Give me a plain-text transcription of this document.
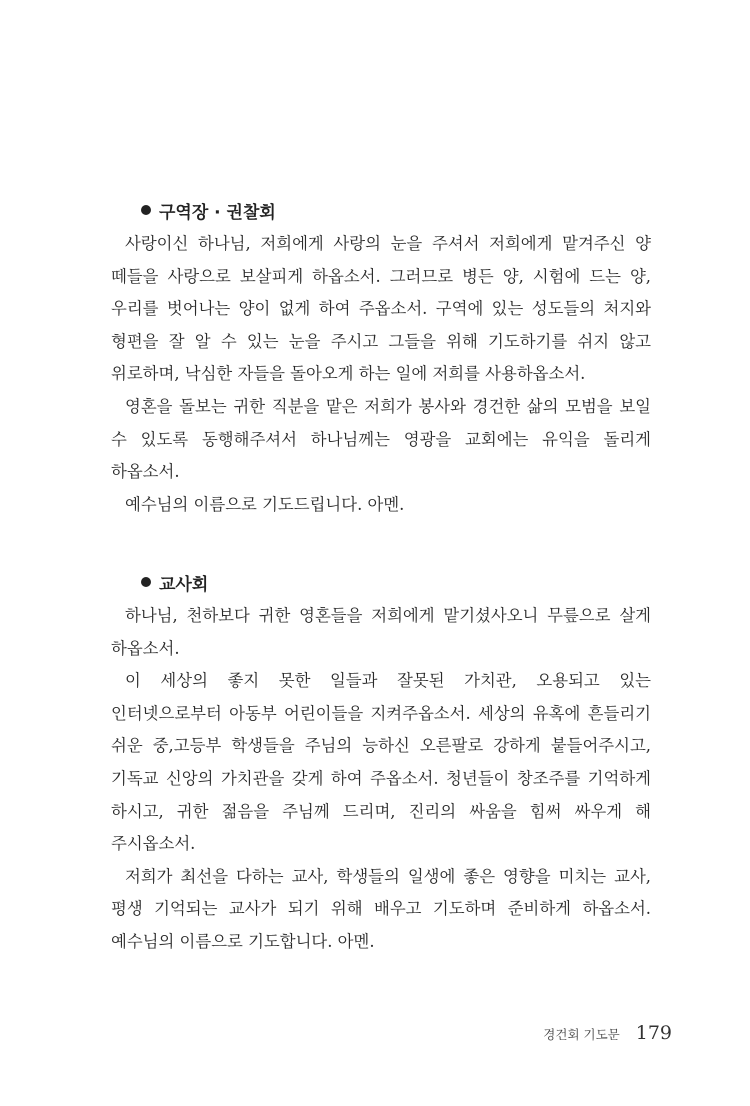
구역장 · 권찰회

사랑이신 하나님, 저희에게 사랑의 눈을 주셔서 저희에게 맡겨주신 양 떼들을 사랑으로 보살피게 하옵소서. 그러므로 병든 양, 시험에 드는 양, 우리를 벗어나는 양이 없게 하여 주옵소서. 구역에 있는 성도들의 처지와 형편을 잘 알 수 있는 눈을 주시고 그들을 위해 기도하기를 쉬지 않고 위로하며, 낙심한 자들을 돌아오게 하는 일에 저희를 사용하옵소서.

영혼을 돌보는 귀한 직분을 맡은 저희가 봉사와 경건한 삶의 모범을 보일 수 있도록 동행해주셔서 하나님께는 영광을 교회에는 유익을 돌리게 하옵소서.

예수님의 이름으로 기도드립니다. 아멘.

교사회

하나님, 천하보다 귀한 영혼들을 저희에게 맡기셨사오니 무릎으로 살게 하옵소서.

이 세상의 좋지 못한 일들과 잘못된 가치관, 오용되고 있는 인터넷으로부터 아동부 어린이들을 지켜주옵소서. 세상의 유혹에 흔들리기 쉬운 중,고등부 학생들을 주님의 능하신 오른팔로 강하게 붙들어주시고, 기독교 신앙의 가치관을 갖게 하여 주옵소서. 청년들이 창조주를 기억하게 하시고, 귀한 젊음을 주님께 드리며, 진리의 싸움을 힘써 싸우게 해 주시옵소서.

저희가 최선을 다하는 교사, 학생들의 일생에 좋은 영향을 미치는 교사, 평생 기억되는 교사가 되기 위해 배우고 기도하며 준비하게 하옵소서. 예수님의 이름으로 기도합니다. 아멘.

경건회 기도문 179
